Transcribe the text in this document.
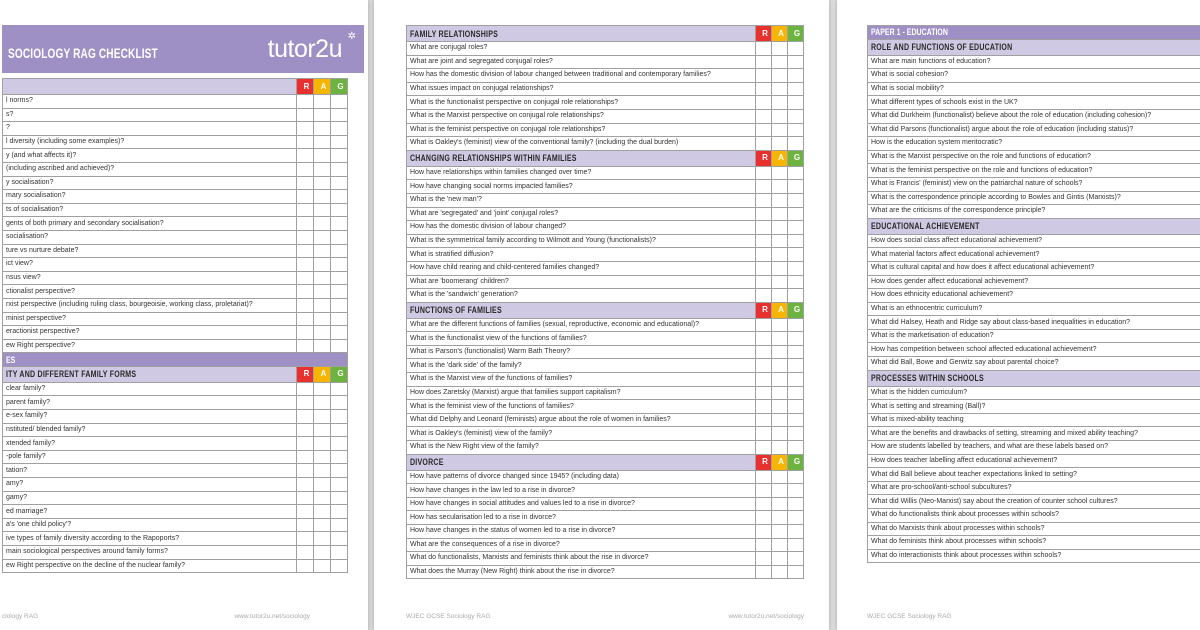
SOCIOLOGY RAG CHECKLIST	tutor2u ✲
	R	A	G
l norms?			
s?			
?			
l diversity (including some examples)?			
y (and what affects it)?			
(including ascribed and achieved)?			
y socialisation?			
mary socialisation?			
ts of socialisation?			
gents of both primary and secondary socialisation?			
socialisation?			
ture vs nurture debate?			
ict view?			
nsus view?			
ctionalist perspective?			
rxist perspective (including ruling class, bourgeoisie, working class, proletariat)?			
minist perspective?			
eractionist perspective?			
ew Right perspective?			
ES			
ITY AND DIFFERENT FAMILY FORMS	R	A	G
clear family?			
parent family?			
e-sex family?			
nstituted/ blended family?			
xtended family?			
-pole family?			
tation?			
amy?			
gamy?			
ed marriage?			
a's 'one child policy'?			
ive types of family diversity according to the Rapoports?			
main sociological perspectives around family forms?			
ew Right perspective on the decline of the nuclear family?			
ciology RAG	www.tutor2u.net/sociology
FAMILY RELATIONSHIPS	R	A	G
What are conjugal roles?			
What are joint and segregated conjugal roles?			
How has the domestic division of labour changed between traditional and contemporary families?			
What issues impact on conjugal relationships?			
What is the functionalist perspective on conjugal role relationships?			
What is the Marxist perspective on conjugal role relationships?			
What is the feminist perspective on conjugal role relationships?			
What is Oakley's (feminist) view of the conventional family? (including the dual burden)			
CHANGING RELATIONSHIPS WITHIN FAMILIES	R	A	G
How have relationships within families changed over time?			
How have changing social norms impacted families?			
What is the 'new man'?			
What are 'segregated' and 'joint' conjugal roles?			
How has the domestic division of labour changed?			
What is the symmetrical family according to Wilmott and Young (functionalists)?			
What is stratified diffusion?			
How have child rearing and child-centered families changed?			
What are 'boomerang' children?			
What is the 'sandwich' generation?			
FUNCTIONS OF FAMILIES	R	A	G
What are the different functions of families (sexual, reproductive, economic and educational)?			
What is the functionalist view of the functions of families?			
What is Parson's (functionalist) Warm Bath Theory?			
What is the 'dark side' of the family?			
What is the Marxist view of the functions of families?			
How does Zaretsky (Marxist) argue that families support capitalism?			
What is the feminist view of the functions of families?			
What did Delphy and Leonard (feminists) argue about the role of women in families?			
What is Oakley's (feminist) view of the family?			
What is the New Right view of the family?			
DIVORCE	R	A	G
How have patterns of divorce changed since 1945? (including data)			
How have changes in the law led to a rise in divorce?			
How have changes in social attitudes and values led to a rise in divorce?			
How has secularisation led to a rise in divorce?			
How have changes in the status of women led to a rise in divorce?			
What are the consequences of a rise in divorce?			
What do functionalists, Marxists and feminists think about the rise in divorce?			
What does the Murray (New Right) think about the rise in divorce?			
WJEC GCSE Sociology RAG	www.tutor2u.net/sociology
PAPER 1 - EDUCATION
ROLE AND FUNCTIONS OF EDUCATION
What are main functions of education?
What is social cohesion?
What is social mobility?
What different types of schools exist in the UK?
What did Durkheim (functionalist) believe about the role of education (including cohesion)?
What did Parsons (functionalist) argue about the role of education (including status)?
How is the education system meritocratic?
What is the Marxist perspective on the role and functions of education?
What is the feminist perspective on the role and functions of education?
What is Francis' (feminist) view on the patriarchal nature of schools?
What is the correspondence principle according to Bowles and Gintis (Marxists)?
What are the criticisms of the correspondence principle?
EDUCATIONAL ACHIEVEMENT
How does social class affect educational achievement?
What material factors affect educational achievement?
What is cultural capital and how does it affect educational achievement?
How does gender affect educational achievement?
How does ethnicity educational achievement?
What is an ethnocentric curriculum?
What did Halsey, Heath and Ridge say about class-based inequalities in education?
What is the marketisation of education?
How has competition between school affected educational achievement?
What did Ball, Bowe and Gerwitz say about parental choice?
PROCESSES WITHIN SCHOOLS
What is the hidden curriculum?
What is setting and streaming (Ball)?
What is mixed-ability teaching
What are the benefits and drawbacks of setting, streaming and mixed ability teaching?
How are students labelled by teachers, and what are these labels based on?
How does teacher labelling affect educational achievement?
What did Ball believe about teacher expectations linked to setting?
What are pro-school/anti-school subcultures?
What did Willis (Neo-Marxist) say about the creation of counter school cultures?
What do functionalists think about processes within schools?
What do Marxists think about processes within schools?
What do feminists think about processes within schools?
What do interactionists think about processes within schools?
WJEC GCSE Sociology RAG
